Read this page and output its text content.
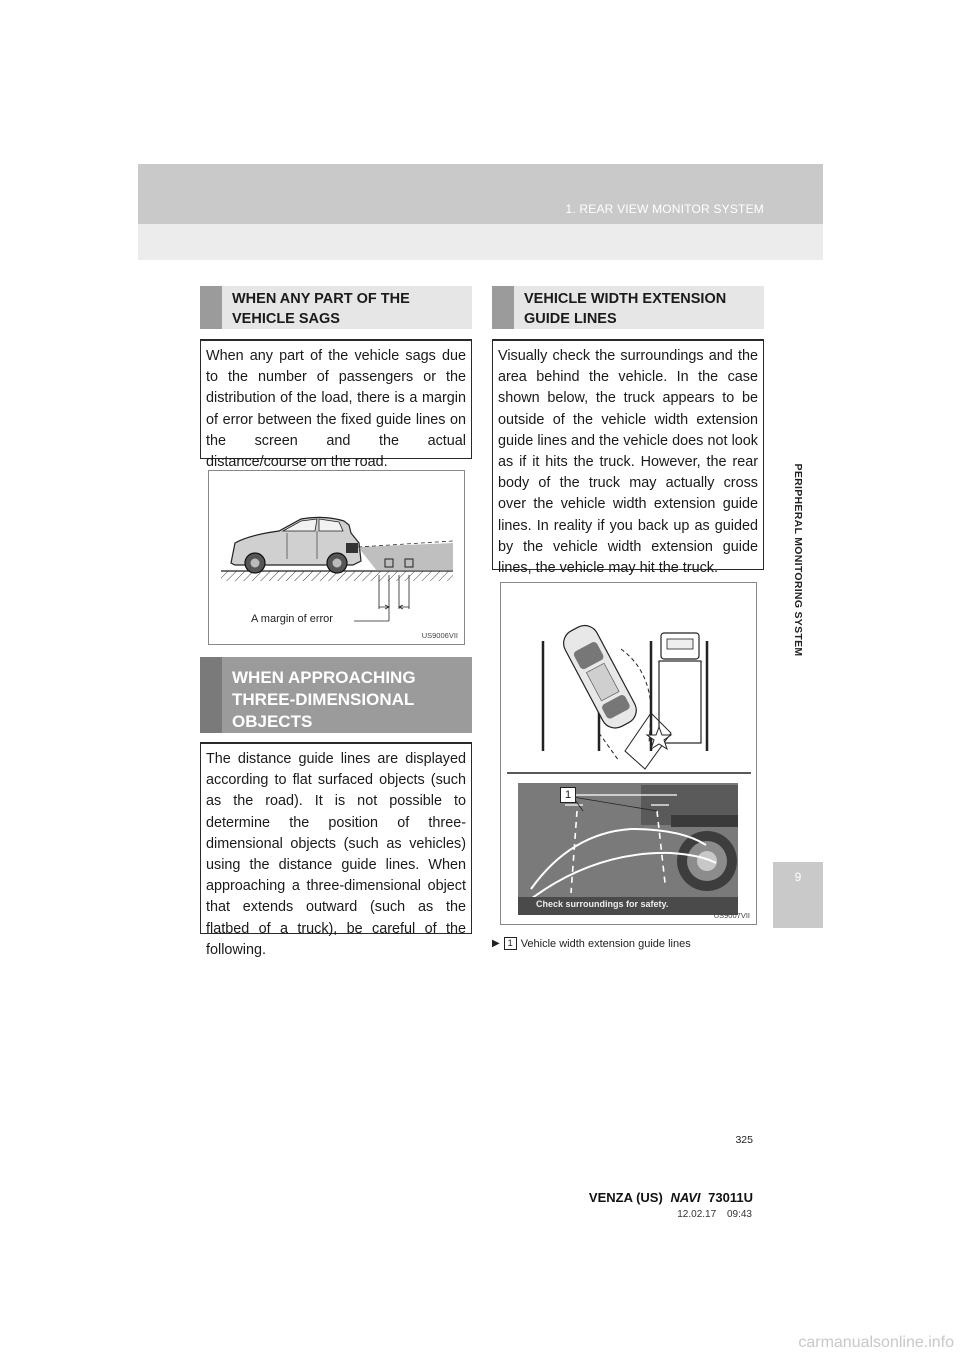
1. REAR VIEW MONITOR SYSTEM
PERIPHERAL MONITORING SYSTEM
9
WHEN ANY PART OF THE
VEHICLE SAGS
When any part of the vehicle sags due to the number of passengers or the distribution of the load, there is a margin of error between the fixed guide lines on the screen and the actual distance/course on the road.
A margin of error
US9006VII
WHEN APPROACHING
THREE-DIMENSIONAL
OBJECTS
The distance guide lines are displayed according to flat surfaced objects (such as the road). It is not possible to determine the position of three-dimensional objects (such as vehicles) using the distance guide lines. When approaching a three-dimensional object that extends outward (such as the flatbed of a truck), be careful of the following.
VEHICLE WIDTH EXTENSION
GUIDE LINES
Visually check the surroundings and the area behind the vehicle. In the case shown below, the truck appears to be outside of the vehicle width extension guide lines and the vehicle does not look as if it hits the truck. However, the rear body of the truck may actually cross over the vehicle width extension guide lines. In reality if you back up as guided by the vehicle width extension guide lines, the vehicle may hit the truck.
1
Check surroundings for safety.
US9007VII
▶ 1 Vehicle width extension guide lines
325
VENZA (US) NAVI 73011U
12.02.17 09:43
carmanualsonline.info
